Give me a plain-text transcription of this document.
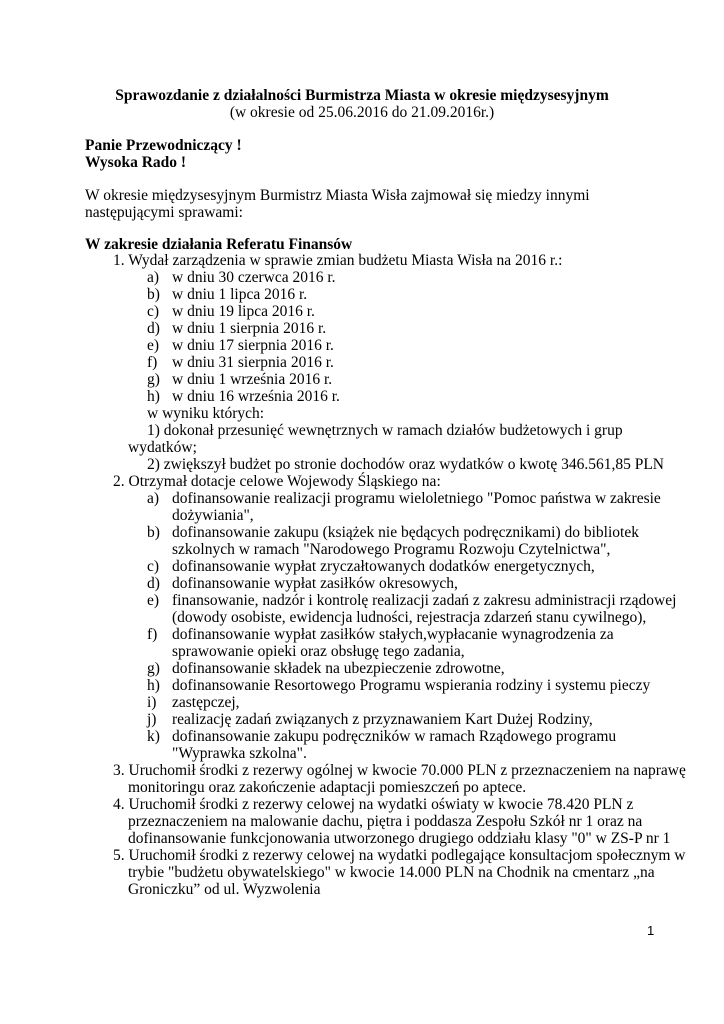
Sprawozdanie z działalności Burmistrza Miasta w okresie międzysesyjnym
(w okresie od 25.06.2016 do 21.09.2016r.)
Panie Przewodniczący !
Wysoka Rado !
W okresie międzysesyjnym Burmistrz Miasta Wisła zajmował się miedzy innymi następującymi sprawami:
W zakresie działania Referatu Finansów
1. Wydał zarządzenia w sprawie zmian budżetu Miasta Wisła na 2016 r.:
a) w dniu 30 czerwca 2016 r.
b) w dniu 1 lipca 2016 r.
c) w dniu 19 lipca 2016 r.
d) w dniu 1 sierpnia 2016 r.
e) w dniu 17 sierpnia 2016 r.
f) w dniu 31 sierpnia 2016 r.
g) w dniu 1 września 2016 r.
h) w dniu 16 września 2016 r.
w wyniku których:
1) dokonał przesunięć wewnętrznych w ramach działów budżetowych i grup
wydatków;
2) zwiększył budżet po stronie dochodów oraz wydatków o kwotę 346.561,85 PLN
2. Otrzymał dotacje celowe Wojewody Śląskiego na:
a) dofinansowanie realizacji programu wieloletniego "Pomoc państwa w zakresie
dożywiania",
b) dofinansowanie zakupu (książek nie będących podręcznikami) do bibliotek
szkolnych w ramach "Narodowego Programu Rozwoju Czytelnictwa",
c) dofinansowanie wypłat zryczałtowanych dodatków energetycznych,
d) dofinansowanie wypłat zasiłków okresowych,
e) finansowanie, nadzór i kontrolę realizacji zadań z zakresu administracji rządowej
(dowody osobiste, ewidencja ludności, rejestracja zdarzeń stanu cywilnego),
f) dofinansowanie wypłat zasiłków stałych,wypłacanie wynagrodzenia za
sprawowanie opieki oraz obsługę tego zadania,
g) dofinansowanie składek na ubezpieczenie zdrowotne,
h) dofinansowanie Resortowego Programu wspierania rodziny i systemu pieczy
i) zastępczej,
j) realizację zadań związanych z przyznawaniem Kart Dużej Rodziny,
k) dofinansowanie zakupu podręczników w ramach Rządowego programu
"Wyprawka szkolna".
3. Uruchomił środki z rezerwy ogólnej w kwocie 70.000 PLN z przeznaczeniem na naprawę
monitoringu oraz zakończenie adaptacji pomieszczeń po aptece.
4. Uruchomił środki z rezerwy celowej na wydatki oświaty w kwocie 78.420 PLN z
przeznaczeniem na malowanie dachu, piętra i poddasza Zespołu Szkół nr 1 oraz na
dofinansowanie funkcjonowania utworzonego drugiego oddziału klasy "0" w ZS-P nr 1
5. Uruchomił środki z rezerwy celowej na wydatki podlegające konsultacjom społecznym w
trybie "budżetu obywatelskiego" w kwocie 14.000 PLN na Chodnik na cmentarz „na
Groniczku” od ul. Wyzwolenia
1
